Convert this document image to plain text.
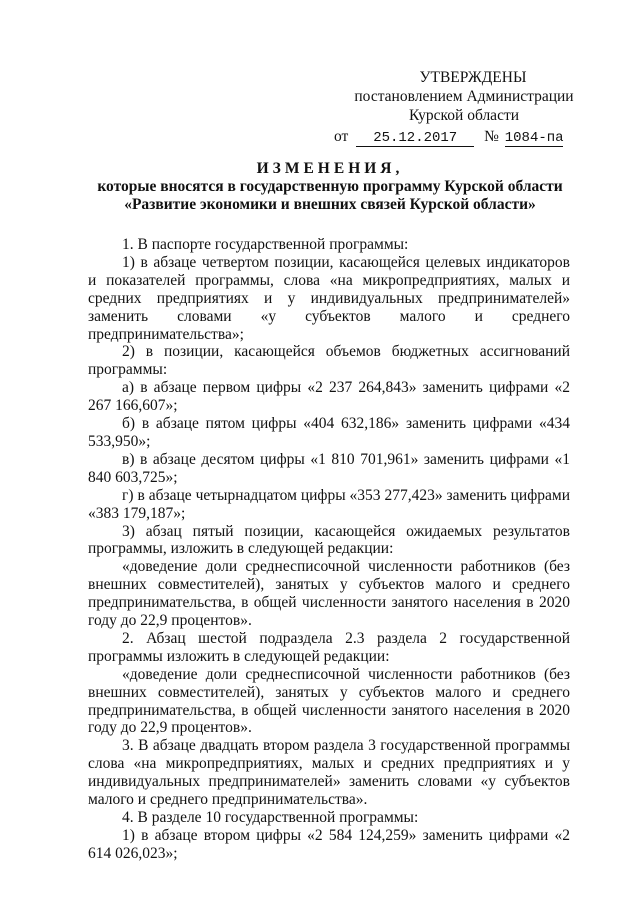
УТВЕРЖДЕНЫ
постановлением Администрации
Курской области
от 25.12.2017 № 1084-па
ИЗМЕНЕНИЯ,
которые вносятся в государственную программу Курской области
«Развитие экономики и внешних связей Курской области»

1. В паспорте государственной программы:

1) в абзаце четвертом позиции, касающейся целевых индикаторов и показателей программы, слова «на микропредприятиях, малых и средних предприятиях и у индивидуальных предпринимателей» заменить словами «у субъектов малого и среднего предпринимательства»;

2) в позиции, касающейся объемов бюджетных ассигнований программы:

а) в абзаце первом цифры «2 237 264,843» заменить цифрами «2 267 166,607»;

б) в абзаце пятом цифры «404 632,186» заменить цифрами «434 533,950»;

в) в абзаце десятом цифры «1 810 701,961» заменить цифрами «1 840 603,725»;

г) в абзаце четырнадцатом цифры «353 277,423» заменить цифрами «383 179,187»;

3) абзац пятый позиции, касающейся ожидаемых результатов программы, изложить в следующей редакции:

«доведение доли среднесписочной численности работников (без внешних совместителей), занятых у субъектов малого и среднего предпринимательства, в общей численности занятого населения в 2020 году до 22,9 процентов».

2. Абзац шестой подраздела 2.3 раздела 2 государственной программы изложить в следующей редакции:

«доведение доли среднесписочной численности работников (без внешних совместителей), занятых у субъектов малого и среднего предпринимательства, в общей численности занятого населения в 2020 году до 22,9 процентов».

3. В абзаце двадцать втором раздела 3 государственной программы слова «на микропредприятиях, малых и средних предприятиях и у индивидуальных предпринимателей» заменить словами «у субъектов малого и среднего предпринимательства».

4. В разделе 10 государственной программы:

1) в абзаце втором цифры «2 584 124,259» заменить цифрами «2 614 026,023»;
